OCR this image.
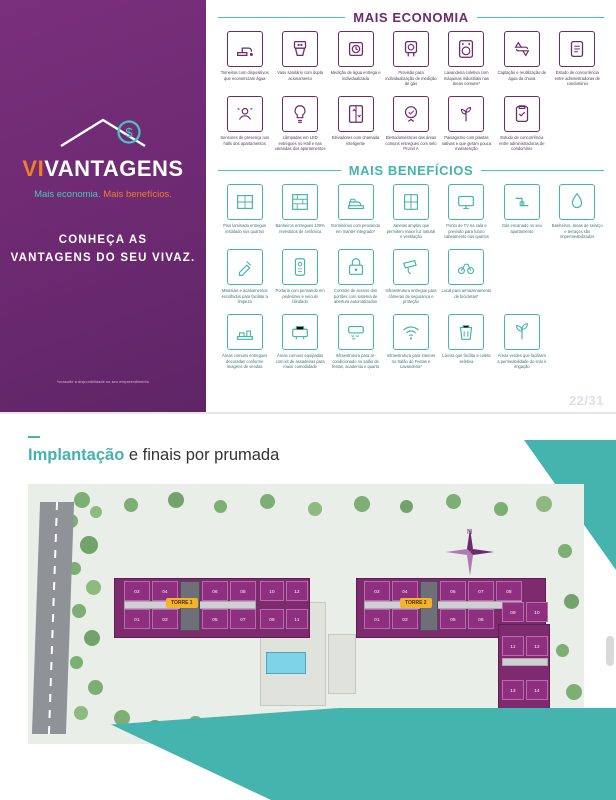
$
VIVANTAGENS
Mais economia. Mais benefícios.
CONHEÇA AS
VANTAGENS DO SEU VIVAZ.
*consulte a disponibilidade no seu empreendimento
MAIS ECONOMIA
Torneiras com dispositivos que economizam água
Vaso sanitário com dupla acionamento
Medição de água entrega e individualizada
Previsão para individualização de medição de gás
Lavanderia coletiva com máquinas industriais nas áreas comuns*
Captação e reutilização de água da chuva
Estudo de concorrência entre administradoras de condomínio
Sensores de presença nos halls dos apartamentos
Lâmpadas em LED entregues no Hall e nas varandas dos apartamentos
Elevadores com chamada inteligente
Eletrodomésticos das áreas comuns entregues com selo Procel A
Paisagismo com plantas nativas e que geram pouca manutenção
Estudo de concorrência entre administradoras de condomínio
MAIS BENEFÍCIOS
Piso laminado entregue instalado nos quartos
Banheiros entregues 100% revestidos de cerâmica
Dormitórios com pensando em manter integrado*
Janelas amplas que permitem maior luz natural e ventilação
Ponto de TV na sala e previsão para futuro cabeamento nos quartos
Gás encanado no seu apartamento
Banheiros, áreas de serviço e terraços são impermeabilizados
Materiais e acabamentos escolhidos para facilitar a limpeza
Portaria com pensando em pedestres e veículo blindado
Controle de acesso dos portões com sistema de abertura automatizados
Infraestrutura entregue para câmeras de segurança e proteção
Local para armazenamento de bicicletas*
Áreas comuns entregues decoradas conforme imagens de vendas
Áreas comuns equipadas com kit de assadeiras para maior comodidade
Infraestrutura para ar-condicionado no salão de festas, academia e quarto
Infraestrutura para internet no Salão de Festas e Lavanderia*
Lixeira que facilita a coleta seletiva
Áreas verdes que facilitam a permeabilidade do solo e irrigação
22/31
Implantação e finais por prumada
02	04	06	08
01	03	05	07
10	12
09	11
TORRE 1
02	04	06	07	08
01	03	05	06
TORRE 2
09	10
11	12
13	14
N
